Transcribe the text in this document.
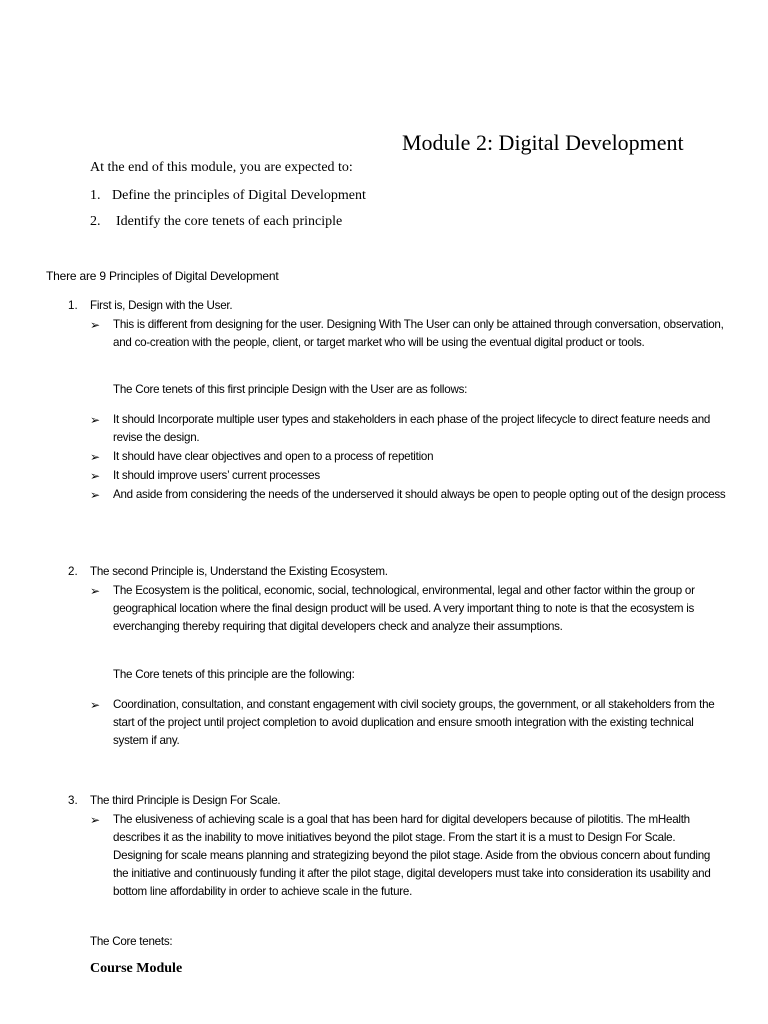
Module 2: Digital Development
At the end of this module, you are expected to:
1. Define the principles of Digital Development
2. Identify the core tenets of each principle
There are 9 Principles of Digital Development
1.	First is, Design with the User.
➢	This is different from designing for the user. Designing With The User can only be attained through conversation, observation, and co-creation with the people, client, or target market who will be using the eventual digital product or tools.
The Core tenets of this first principle Design with the User are as follows:
➢	It should Incorporate multiple user types and stakeholders in each phase of the project lifecycle to direct feature needs and revise the design.
➢	It should have clear objectives and open to a process of repetition
➢	It should improve users’ current processes
➢	And aside from considering the needs of the underserved it should always be open to people opting out of the design process
2.	The second Principle is, Understand the Existing Ecosystem.
➢	The Ecosystem is the political, economic, social, technological, environmental, legal and other factor within the group or geographical location where the final design product will be used. A very important thing to note is that the ecosystem is everchanging thereby requiring that digital developers check and analyze their assumptions.
The Core tenets of this principle are the following:
➢	Coordination, consultation, and constant engagement with civil society groups, the government, or all stakeholders from the start of the project until project completion to avoid duplication and ensure smooth integration with the existing technical system if any.
3.	The third Principle is Design For Scale.
➢	The elusiveness of achieving scale is a goal that has been hard for digital developers because of pilotitis. The mHealth describes it as the inability to move initiatives beyond the pilot stage. From the start it is a must to Design For Scale. Designing for scale means planning and strategizing beyond the pilot stage. Aside from the obvious concern about funding the initiative and continuously funding it after the pilot stage, digital developers must take into consideration its usability and bottom line affordability in order to achieve scale in the future.
The Core tenets:
Course Module
